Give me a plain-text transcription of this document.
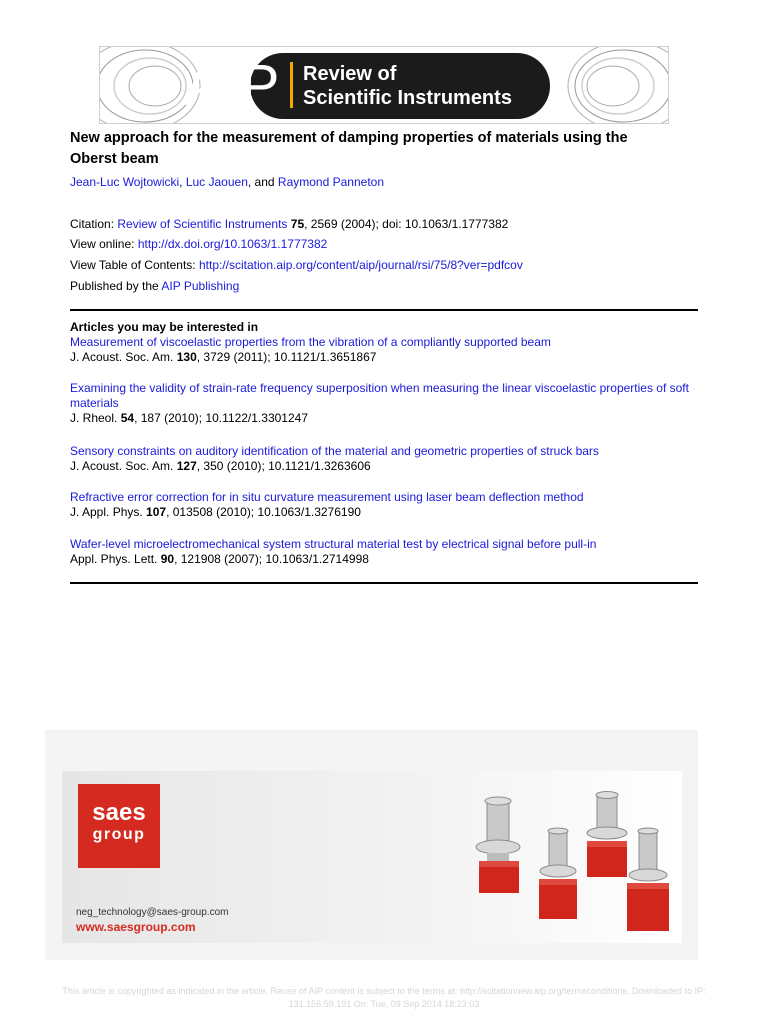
AIP Review of
Scientific Instruments
New approach for the measurement of damping properties of materials using the Oberst beam
Jean-Luc Wojtowicki, Luc Jaouen, and Raymond Panneton
Citation: Review of Scientific Instruments 75, 2569 (2004); doi: 10.1063/1.1777382
View online: http://dx.doi.org/10.1063/1.1777382
View Table of Contents: http://scitation.aip.org/content/aip/journal/rsi/75/8?ver=pdfcov
Published by the AIP Publishing
Articles you may be interested in
Measurement of viscoelastic properties from the vibration of a compliantly supported beam
J. Acoust. Soc. Am. 130, 3729 (2011); 10.1121/1.3651867
Examining the validity of strain-rate frequency superposition when measuring the linear viscoelastic properties of soft materials
J. Rheol. 54, 187 (2010); 10.1122/1.3301247
Sensory constraints on auditory identification of the material and geometric properties of struck bars
J. Acoust. Soc. Am. 127, 350 (2010); 10.1121/1.3263606
Refractive error correction for in situ curvature measurement using laser beam deflection method
J. Appl. Phys. 107, 013508 (2010); 10.1063/1.3276190
Wafer-level microelectromechanical system structural material test by electrical signal before pull-in
Appl. Phys. Lett. 90, 121908 (2007); 10.1063/1.2714998
saes
group
neg_technology@saes-group.com
www.saesgroup.com
This article is copyrighted as indicated in the article. Reuse of AIP content is subject to the terms at: http://scitationnew.aip.org/termsconditions. Downloaded to IP:
131.156.59.191 On: Tue, 09 Sep 2014 18:23:03
